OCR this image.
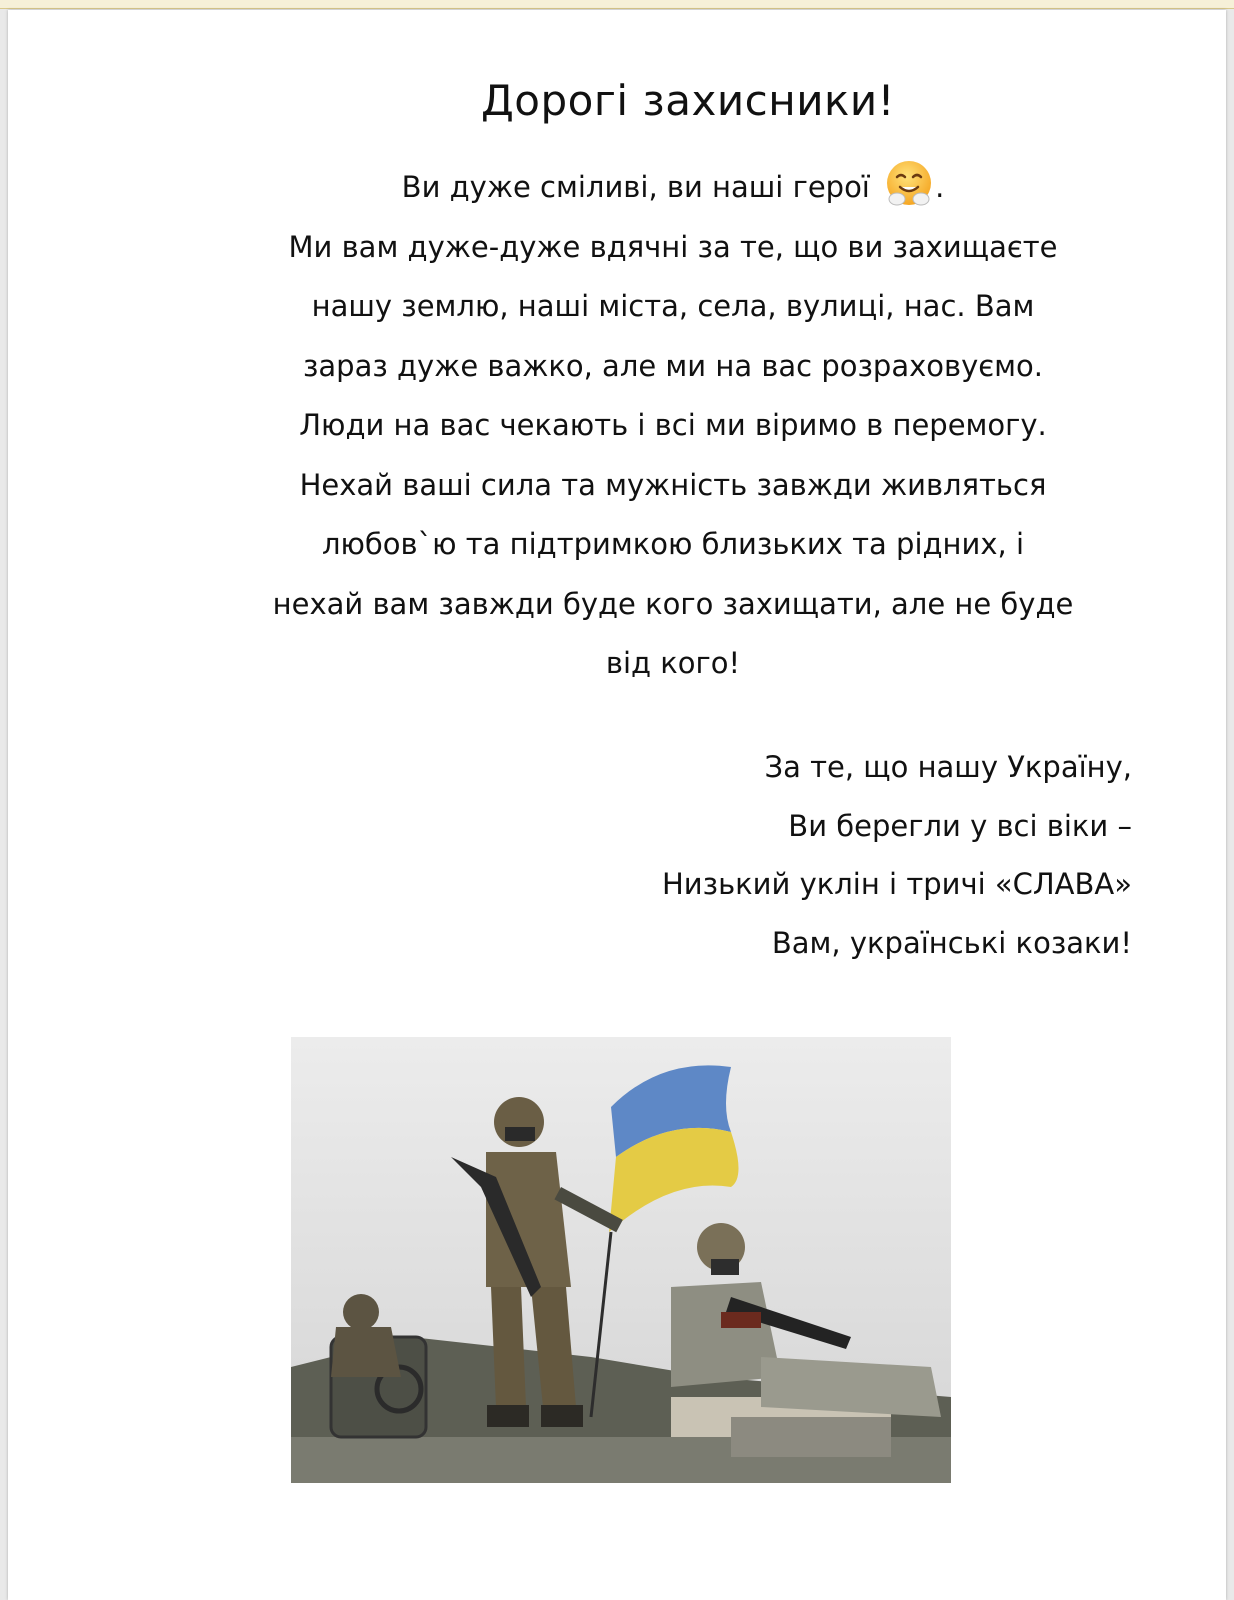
Дорогі захисники!
Ви дуже сміливі, ви наші герої .
Ми вам дуже-дуже вдячні за те, що ви захищаєте
нашу землю, наші міста, села, вулиці, нас. Вам
зараз дуже важко, але ми на вас розраховуємо.
Люди на вас чекають і всі ми віримо в перемогу.
Нехай ваші сила та мужність завжди живляться
любов`ю та підтримкою близьких та рідних, і
нехай вам завжди буде кого захищати, але не буде
від кого!
За те, що нашу Україну,
Ви берегли у всі віки –
Низький уклін і тричі «СЛАВА»
Вам, українські козаки!
